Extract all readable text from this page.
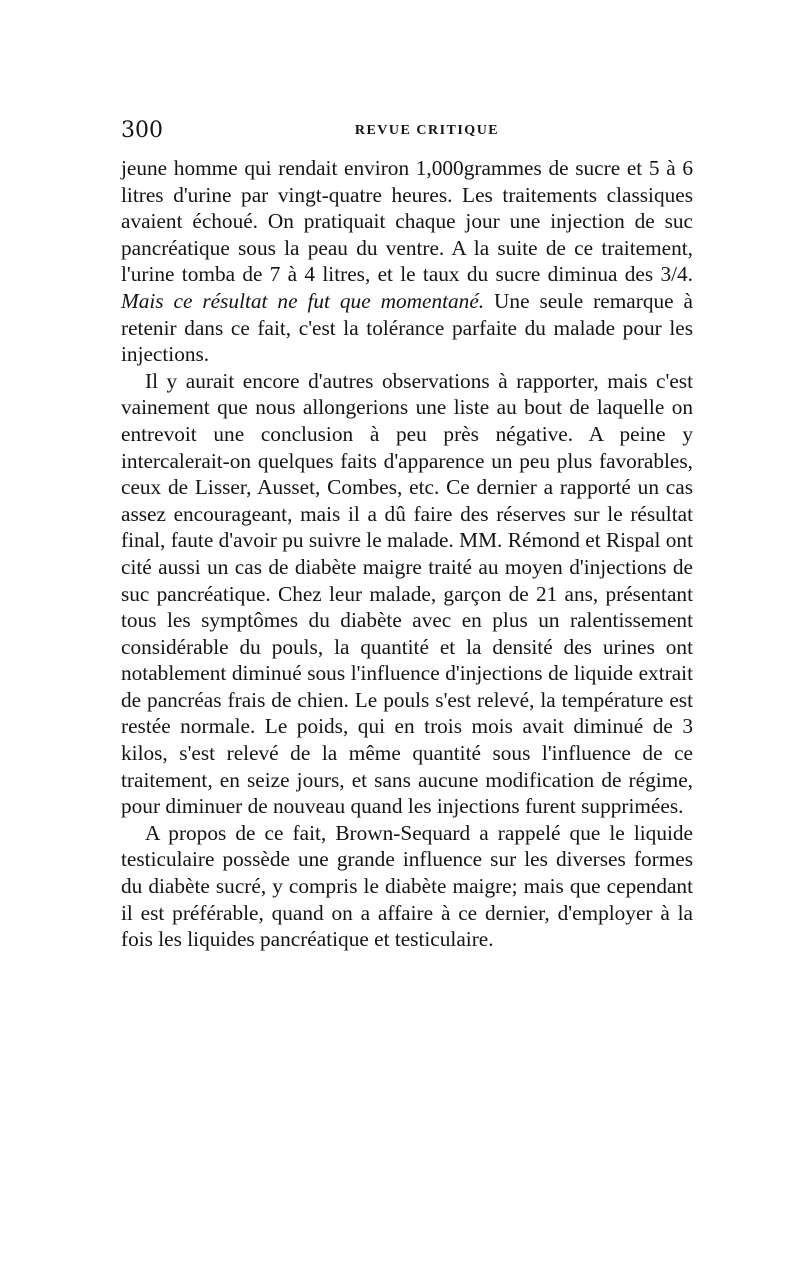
300	REVUE CRITIQUE

jeune homme qui rendait environ 1,000grammes de sucre et 5 à 6 litres d'urine par vingt-quatre heures. Les traitements classiques avaient échoué. On pratiquait chaque jour une injection de suc pancréatique sous la peau du ventre. A la suite de ce traitement, l'urine tomba de 7 à 4 litres, et le taux du sucre diminua des 3/4. Mais ce résultat ne fut que momentané. Une seule remarque à retenir dans ce fait, c'est la tolérance parfaite du malade pour les injections.

Il y aurait encore d'autres observations à rapporter, mais c'est vainement que nous allongerions une liste au bout de laquelle on entrevoit une conclusion à peu près négative. A peine y intercalerait-on quelques faits d'apparence un peu plus favorables, ceux de Lisser, Ausset, Combes, etc. Ce dernier a rapporté un cas assez encourageant, mais il a dû faire des réserves sur le résultat final, faute d'avoir pu suivre le malade. MM. Rémond et Rispal ont cité aussi un cas de diabète maigre traité au moyen d'injections de suc pancréatique. Chez leur malade, garçon de 21 ans, présentant tous les symptômes du diabète avec en plus un ralentissement considérable du pouls, la quantité et la densité des urines ont notablement diminué sous l'influence d'injections de liquide extrait de pancréas frais de chien. Le pouls s'est relevé, la température est restée normale. Le poids, qui en trois mois avait diminué de 3 kilos, s'est relevé de la même quantité sous l'influence de ce traitement, en seize jours, et sans aucune modification de régime, pour diminuer de nouveau quand les injections furent supprimées.

A propos de ce fait, Brown-Sequard a rappelé que le liquide testiculaire possède une grande influence sur les diverses formes du diabète sucré, y compris le diabète maigre; mais que cependant il est préférable, quand on a affaire à ce dernier, d'employer à la fois les liquides pancréatique et testiculaire.
